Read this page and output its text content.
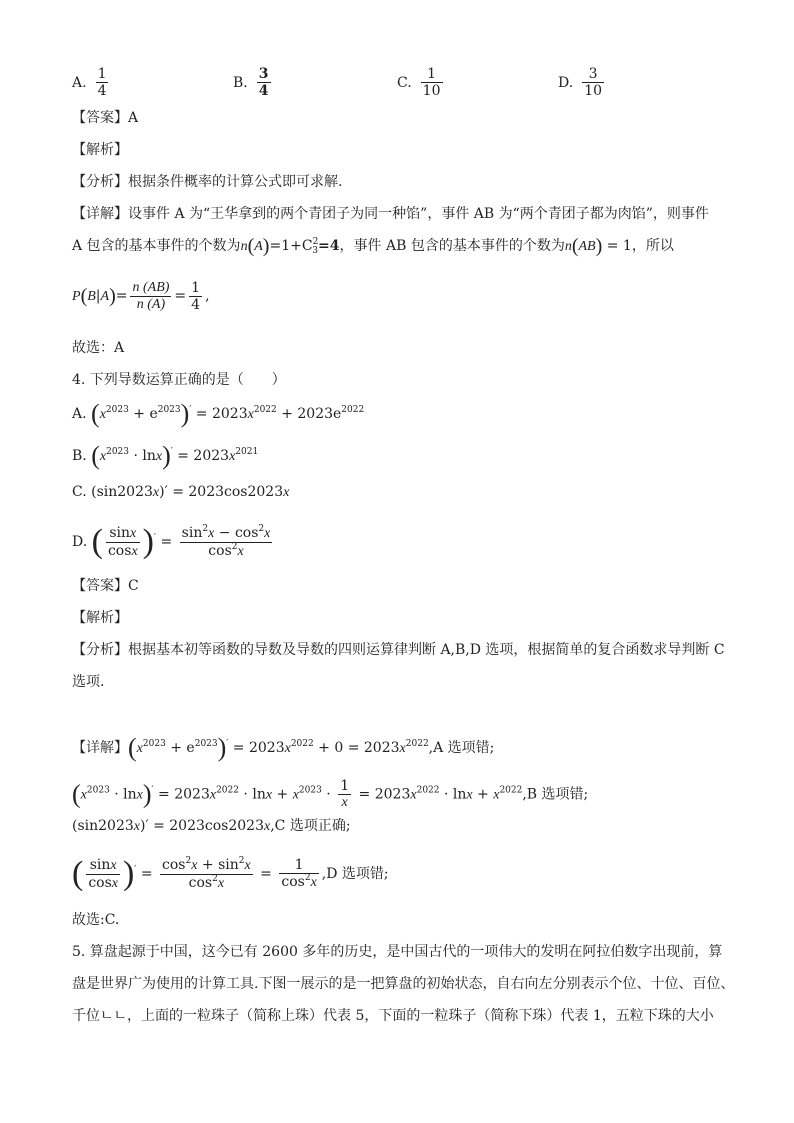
A. $\frac{1}{4}$	B. $\frac{3}{4}$	C. $\frac{1}{10}$	D. $\frac{3}{10}$
【答案】A
【解析】
【分析】根据条件概率的计算公式即可求解.
【详解】设事件 A 为“王华拿到的两个青团子为同一种馅”，事件 AB 为“两个青团子都为肉馅”，则事件
A 包含的基本事件的个数为$n(A)=1+C^2_3=4$，事件 AB 包含的基本事件的个数为n(AB) = 1，所以
$P(B|A)= \frac{n (AB)}{n (A)} = \frac{1}{4}$ ,
故选：A
4. 下列导数运算正确的是（　　）
A. $(x^{2023} + e^{2023})' = 2023x^{2022} + 2023e^{2022}$
B. $(x^{2023} \cdot \ln x)' = 2023x^{2021}$
C. (sin2023x)′ = 2023cos2023x
D. ( $\frac{\sin x}{\cos x} )' = \frac{\sin^2x - \cos^2x}{\cos^2x}$
【答案】C
【解析】
【分析】根据基本初等函数的导数及导数的四则运算律判断 A,B,D 选项，根据简单的复合函数求导判断 C
选项.
【详解】$(x^{2023} + e^{2023})' = 2023x^{2022} + 0 = 2023x^{2022},A$ 选项错;
$(x^{2023} \cdot \ln x)' = 2023x^{2022} \cdot \ln x + x^{2023} \cdot \frac{1}{x} = 2023x^{2022} \cdot \ln x + x^{2022},B$ 选项错;
(sin2023x)′ = 2023cos2023x,C 选项正确;
( $\frac{\sin x}{\cos x} )' = \frac{\cos^2x + \sin^2x}{\cos^2x} = \frac{1}{\cos^2x} ,D$ 选项错;
故选:C.
5. 算盘起源于中国，这今已有 2600 多年的历史，是中国古代的一项伟大的发明在阿拉伯数字出现前，算
盘是世界广为使用的计算工具.下图一展示的是一把算盘的初始状态，自右向左分别表示个位、十位、百位、
千位ㄴㄴ，上面的一粒珠子（简称上珠）代表 5，下面的一粒珠子（简称下珠）代表 1，五粒下珠的大小
